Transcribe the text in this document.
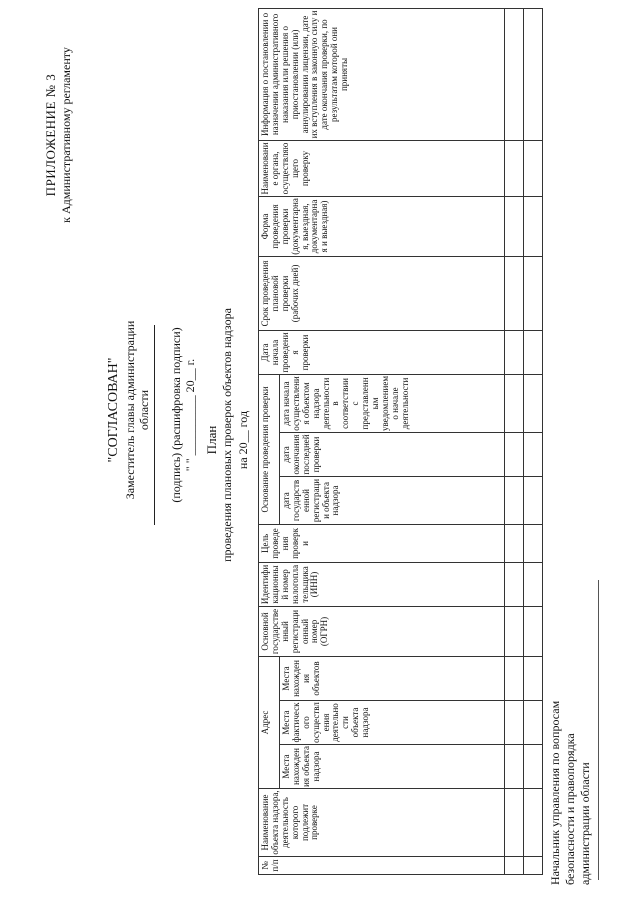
ПРИЛОЖЕНИЕ № 3 к Административному регламенту
"СОГЛАСОВАН" Заместитель главы администрации области (подпись) (расшифровка подписи) " " __________ 20__ г. План проведения плановых проверок объектов надзора на 20__ год
№ п/п	Наименование объекта надзора, деятельность которого подлежит проверке	Адрес			Основной государственный регистрационный номер (ОГРН)	Идентификационный номер налогоплательщика (ИНН)	Цель проведения проверки	Основание проведения проверки			Дата начала проведения проверки	Срок проведения плановой проверки (рабочих дней)	Форма проведения проверки (документарная, выездная, документарная и выездная)	Наименование органа, осуществляющего проверку	Информация о постановлении о назначении административного наказания или решения о приостановлении (или) аннулировании лицензии, дате их вступления в законную силу и дате окончания проверки, по результатам которой они приняты
		Места нахождения объекта надзора	Места фактического осуществления деятельности объекта надзора	Места нахождения объектов				дата государственной регистрации объекта надзора	дата окончания последней проверки	дата начала осуществления объектом надзора деятельности в соответствии с представленным уведомлением о начале деятельности					

Начальник управления по вопросам безопасности и правопорядка администрации области
